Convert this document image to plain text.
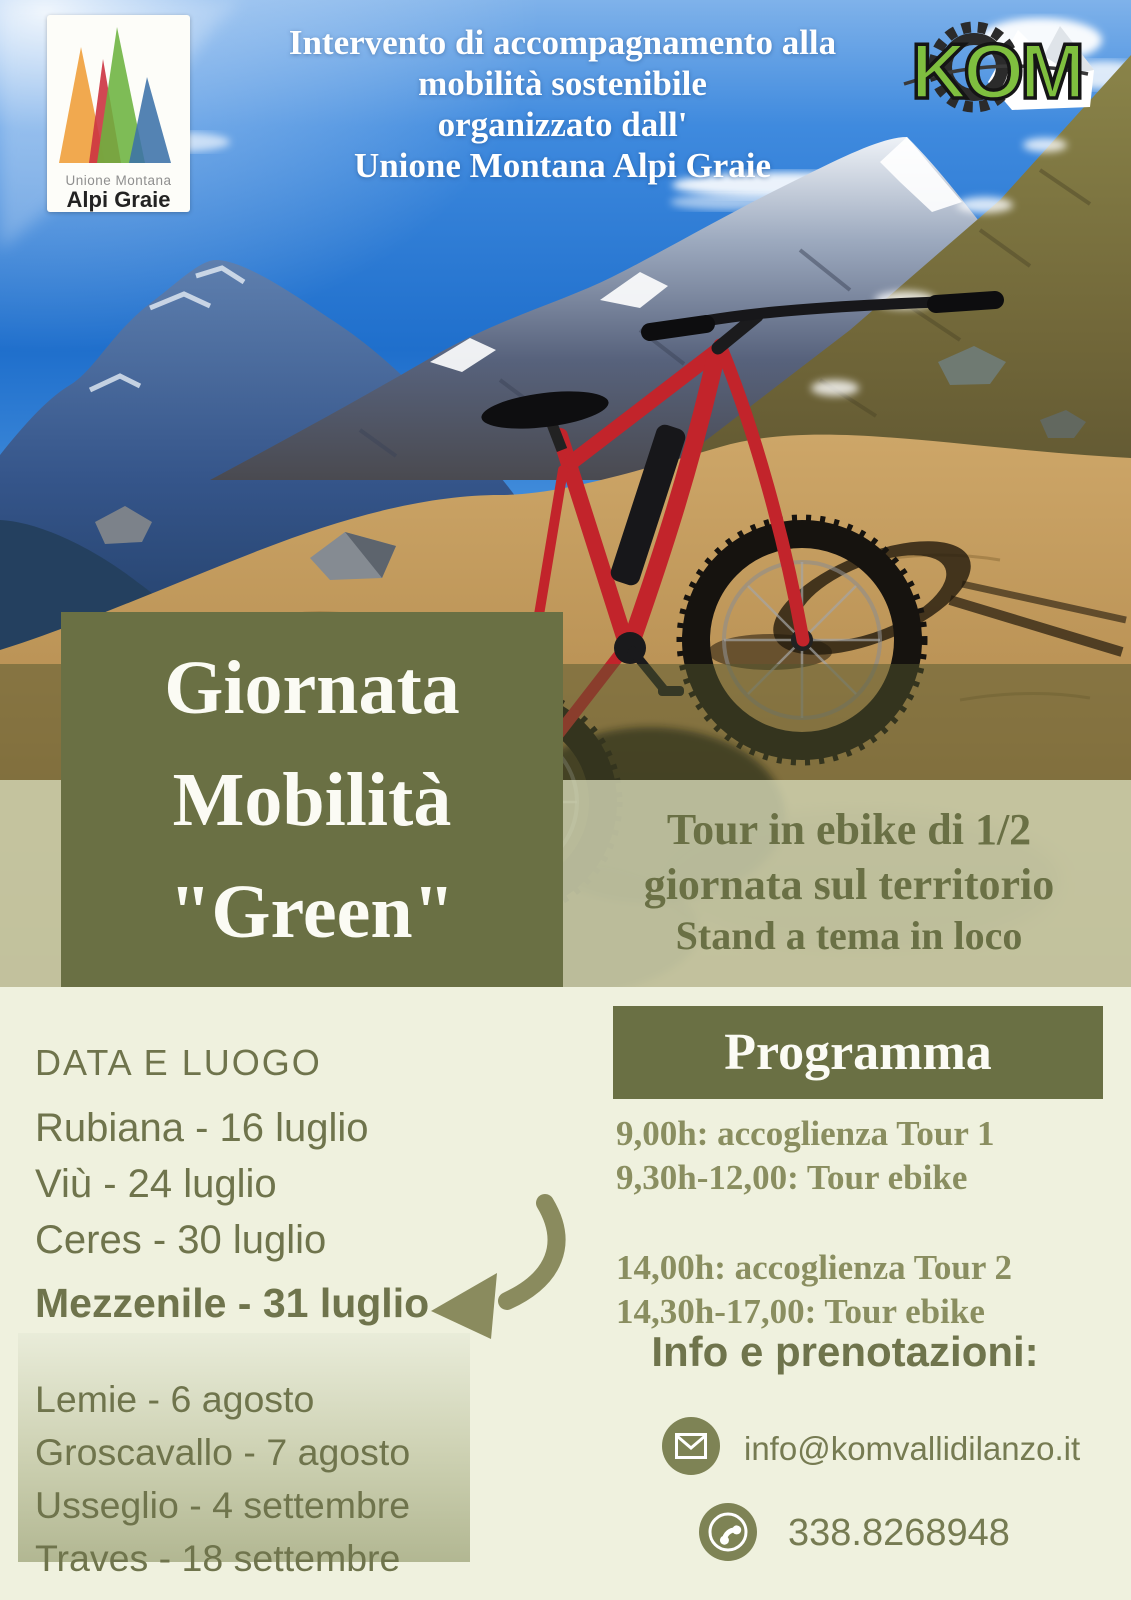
Unione Montana
Alpi Graie
Intervento di accompagnamento alla
mobilità sostenibile
organizzato dall'
Unione Montana Alpi Graie
KOM
Giornata
Mobilità
"Green"
Tour in ebike di 1/2
giornata sul territorio
Stand a tema in loco
Programma
9,00h: accoglienza Tour 1
9,30h-12,00: Tour ebike
14,00h: accoglienza Tour 2
14,30h-17,00: Tour ebike
DATA E LUOGO
Rubiana - 16 luglio
Viù - 24 luglio
Ceres - 30 luglio
Mezzenile - 31 luglio
Lemie - 6 agosto
Groscavallo - 7 agosto
Usseglio - 4 settembre
Traves - 18 settembre
Info e prenotazioni:
info@komvallidilanzo.it
338.8268948
